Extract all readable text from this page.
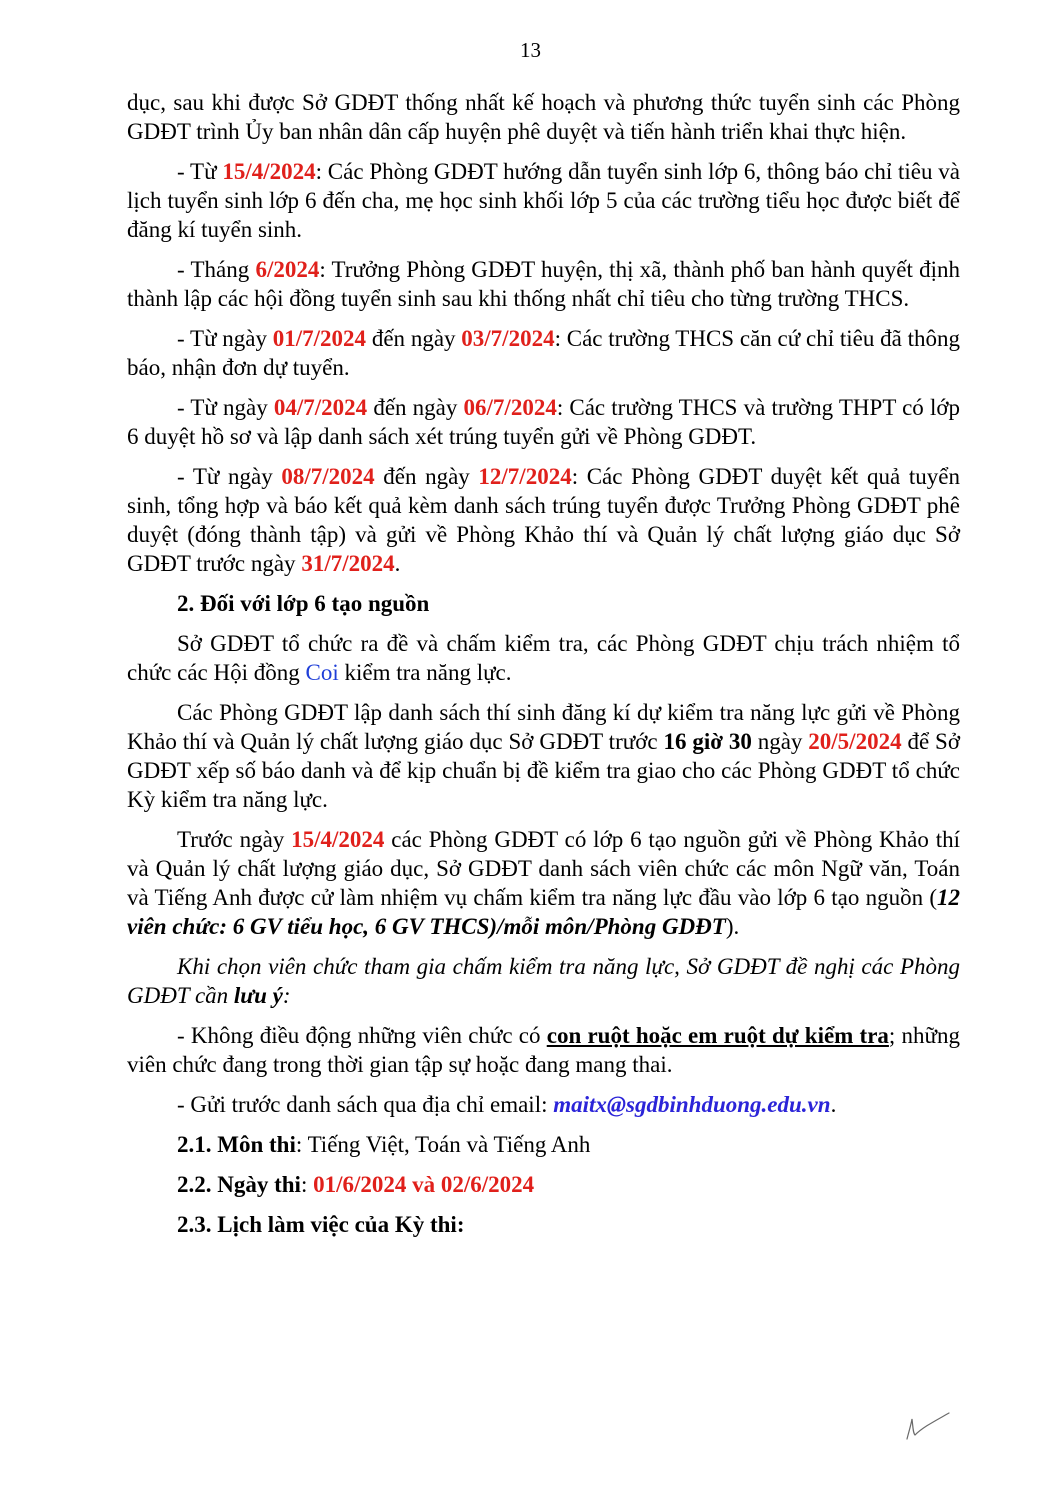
13

dục, sau khi được Sở GDĐT thống nhất kế hoạch và phương thức tuyển sinh các Phòng GDĐT trình Ủy ban nhân dân cấp huyện phê duyệt và tiến hành triển khai thực hiện.

- Từ 15/4/2024: Các Phòng GDĐT hướng dẫn tuyển sinh lớp 6, thông báo chỉ tiêu và lịch tuyển sinh lớp 6 đến cha, mẹ học sinh khối lớp 5 của các trường tiểu học được biết để đăng kí tuyển sinh.

- Tháng 6/2024: Trưởng Phòng GDĐT huyện, thị xã, thành phố ban hành quyết định thành lập các hội đồng tuyển sinh sau khi thống nhất chỉ tiêu cho từng trường THCS.

- Từ ngày 01/7/2024 đến ngày 03/7/2024: Các trường THCS căn cứ chỉ tiêu đã thông báo, nhận đơn dự tuyển.

- Từ ngày 04/7/2024 đến ngày 06/7/2024: Các trường THCS và trường THPT có lớp 6 duyệt hồ sơ và lập danh sách xét trúng tuyển gửi về Phòng GDĐT.

- Từ ngày 08/7/2024 đến ngày 12/7/2024: Các Phòng GDĐT duyệt kết quả tuyển sinh, tổng hợp và báo kết quả kèm danh sách trúng tuyển được Trưởng Phòng GDĐT phê duyệt (đóng thành tập) và gửi về Phòng Khảo thí và Quản lý chất lượng giáo dục Sở GDĐT trước ngày 31/7/2024.

2. Đối với lớp 6 tạo nguồn

Sở GDĐT tổ chức ra đề và chấm kiểm tra, các Phòng GDĐT chịu trách nhiệm tổ chức các Hội đồng Coi kiểm tra năng lực.

Các Phòng GDĐT lập danh sách thí sinh đăng kí dự kiểm tra năng lực gửi về Phòng Khảo thí và Quản lý chất lượng giáo dục Sở GDĐT trước 16 giờ 30 ngày 20/5/2024 để Sở GDĐT xếp số báo danh và để kịp chuẩn bị đề kiểm tra giao cho các Phòng GDĐT tổ chức Kỳ kiểm tra năng lực.

Trước ngày 15/4/2024 các Phòng GDĐT có lớp 6 tạo nguồn gửi về Phòng Khảo thí và Quản lý chất lượng giáo dục, Sở GDĐT danh sách viên chức các môn Ngữ văn, Toán và Tiếng Anh được cử làm nhiệm vụ chấm kiểm tra năng lực đầu vào lớp 6 tạo nguồn (12 viên chức: 6 GV tiểu học, 6 GV THCS)/mỗi môn/Phòng GDĐT).

Khi chọn viên chức tham gia chấm kiểm tra năng lực, Sở GDĐT đề nghị các Phòng GDĐT cần lưu ý:

- Không điều động những viên chức có con ruột hoặc em ruột dự kiểm tra; những viên chức đang trong thời gian tập sự hoặc đang mang thai.

- Gửi trước danh sách qua địa chỉ email: maitx@sgdbinhduong.edu.vn.

2.1. Môn thi: Tiếng Việt, Toán và Tiếng Anh

2.2. Ngày thi: 01/6/2024 và 02/6/2024

2.3. Lịch làm việc của Kỳ thi:
